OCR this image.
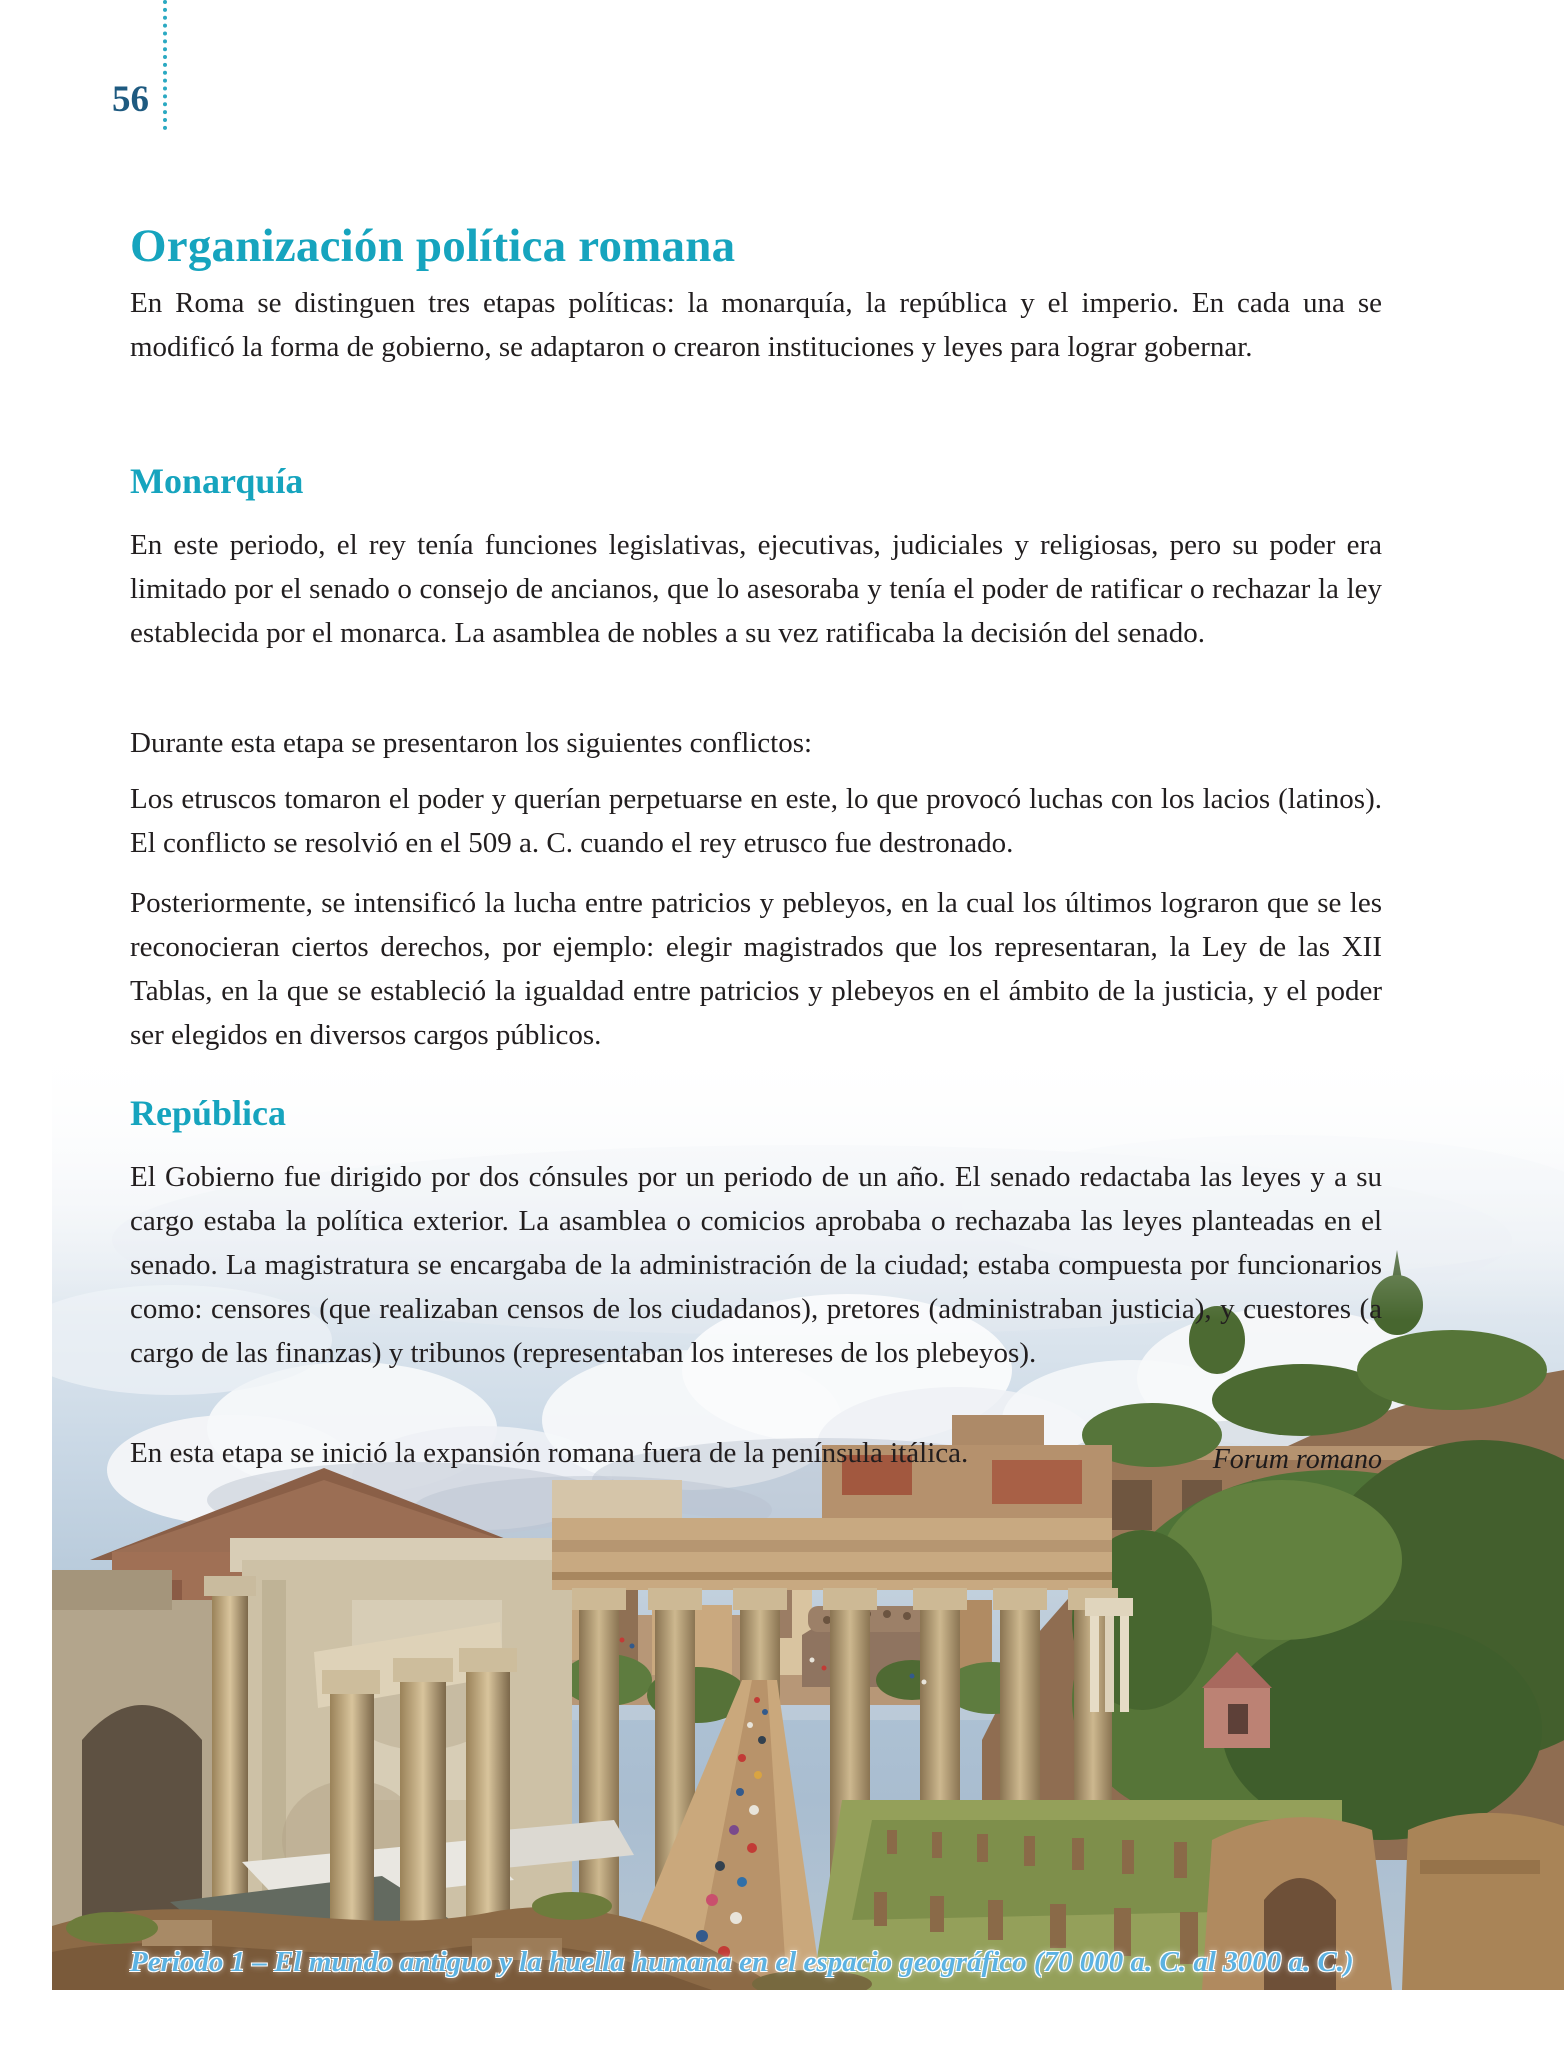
56
Organización política romana

En Roma se distinguen tres etapas políticas: la monarquía, la república y el imperio. En cada una se modificó la forma de gobierno, se adaptaron o crearon instituciones y leyes para lograr gobernar.

Monarquía

En este periodo, el rey tenía funciones legislativas, ejecutivas, judiciales y religiosas, pero su poder era limitado por el senado o consejo de ancianos, que lo asesoraba y tenía el poder de ratificar o rechazar la ley establecida por el monarca. La asamblea de nobles a su vez ratificaba la decisión del senado.

Durante esta etapa se presentaron los siguientes conflictos:

Los etruscos tomaron el poder y querían perpetuarse en este, lo que provocó luchas con los lacios (latinos). El conflicto se resolvió en el 509 a. C. cuando el rey etrusco fue destronado.

Posteriormente, se intensificó la lucha entre patricios y pebleyos, en la cual los últimos lograron que se les reconocieran ciertos derechos, por ejemplo: elegir magistrados que los representaran, la Ley de las XII Tablas, en la que se estableció la igualdad entre patricios y plebeyos en el ámbito de la justicia, y el poder ser elegidos en diversos cargos públicos.

República

El Gobierno fue dirigido por dos cónsules por un periodo de un año. El senado redactaba las leyes y a su cargo estaba la política exterior. La asamblea o comicios aprobaba o rechazaba las leyes planteadas en el senado. La magistratura se encargaba de la administración de la ciudad; estaba compuesta por funcionarios como: censores (que realizaban censos de los ciudadanos), pretores (administraban justicia), y cuestores (a cargo de las finanzas) y tribunos (representaban los intereses de los plebeyos).

En esta etapa se inició la expansión romana fuera de la península itálica.	Forum romano
Periodo 1 – El mundo antiguo y la huella humana en el espacio geográfico (70 000 a. C. al 3000 a. C.)
